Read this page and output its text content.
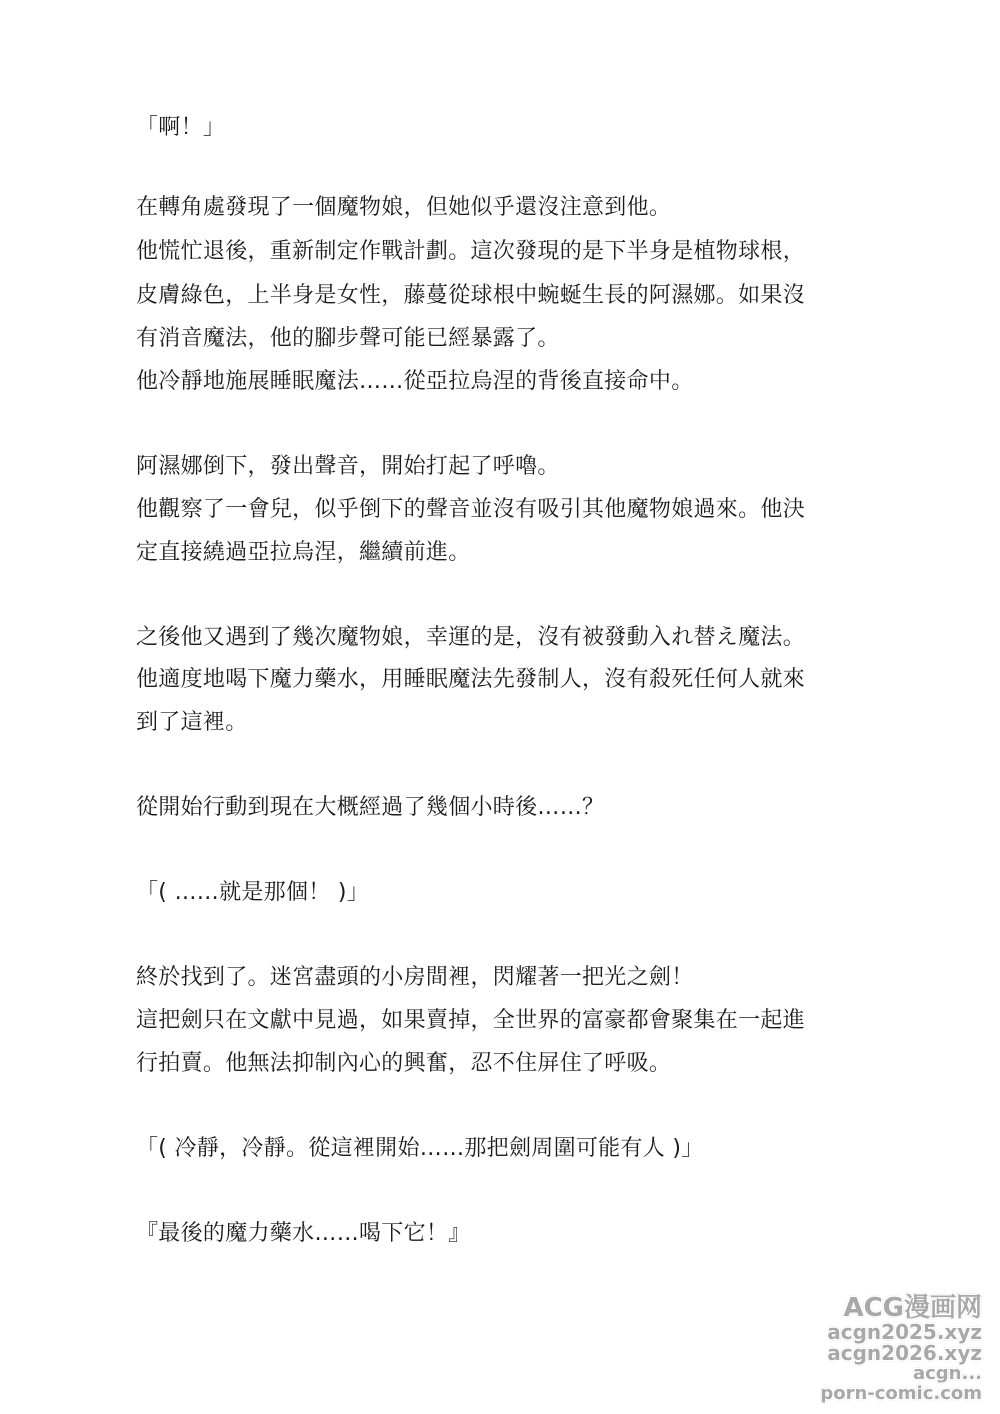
「啊！」

在轉角處發現了一個魔物娘，但她似乎還沒注意到他。

他慌忙退後，重新制定作戰計劃。這次發現的是下半身是植物球根，

皮膚綠色，上半身是女性，藤蔓從球根中蜿蜒生長的阿濕娜。如果沒

有消音魔法，他的腳步聲可能已經暴露了。

他冷靜地施展睡眠魔法……從亞拉烏涅的背後直接命中。

阿濕娜倒下，發出聲音，開始打起了呼嚕。

他觀察了一會兒，似乎倒下的聲音並沒有吸引其他魔物娘過來。他決

定直接繞過亞拉烏涅，繼續前進。

之後他又遇到了幾次魔物娘，幸運的是，沒有被發動入れ替え魔法。

他適度地喝下魔力藥水，用睡眠魔法先發制人，沒有殺死任何人就來

到了這裡。

從開始行動到現在大概經過了幾個小時後……？

「( ……就是那個！ )」

終於找到了。迷宮盡頭的小房間裡，閃耀著一把光之劍！

這把劍只在文獻中見過，如果賣掉，全世界的富豪都會聚集在一起進

行拍賣。他無法抑制內心的興奮，忍不住屏住了呼吸。

「( 冷靜，冷靜。從這裡開始……那把劍周圍可能有人 )」

『最後的魔力藥水……喝下它！』

ACG漫画网
acgn2025.xyz
acgn2026.xyz
acgn...
porn-comic.com
